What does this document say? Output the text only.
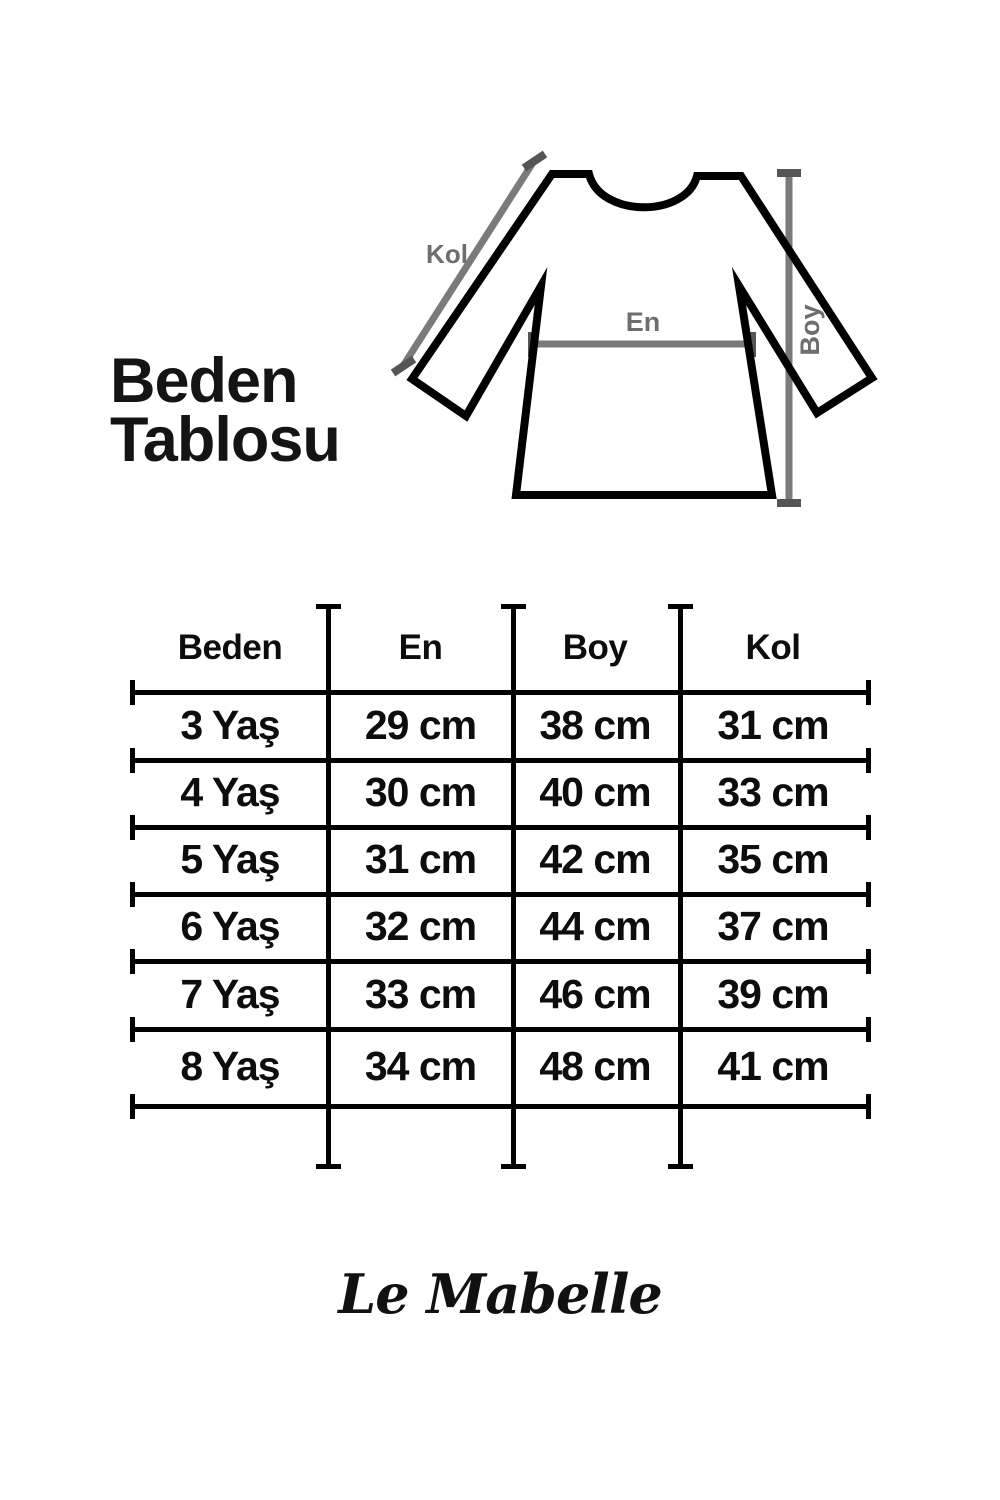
Beden
Tablosu
Kol
En	Boy
Beden	En	Boy	Kol
3 Yaş	29 cm	38 cm	31 cm
4 Yaş	30 cm	40 cm	33 cm
5 Yaş	31 cm	42 cm	35 cm
6 Yaş	32 cm	44 cm	37 cm
7 Yaş	33 cm	46 cm	39 cm
8 Yaş	34 cm	48 cm	41 cm
Le Mabelle
